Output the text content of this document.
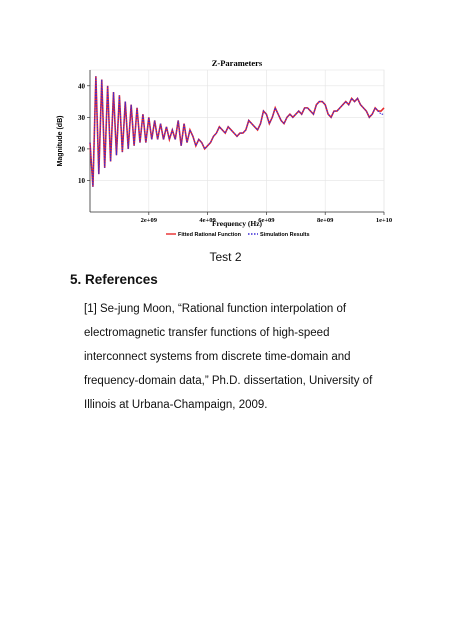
Z-Parameters
2e+09	4e+09	6e+09	8e+09	1e+10
10
20
30
40
Frequency (Hz)
Magnitude (dB)
Fitted Rational Function	Simulation Results
Test 2
5. References
[1] Se-jung Moon, “Rational function interpolation of
electromagnetic transfer functions of high-speed
interconnect systems from discrete time-domain and
frequency-domain data,” Ph.D. dissertation, University of
Illinois at Urbana-Champaign, 2009.
